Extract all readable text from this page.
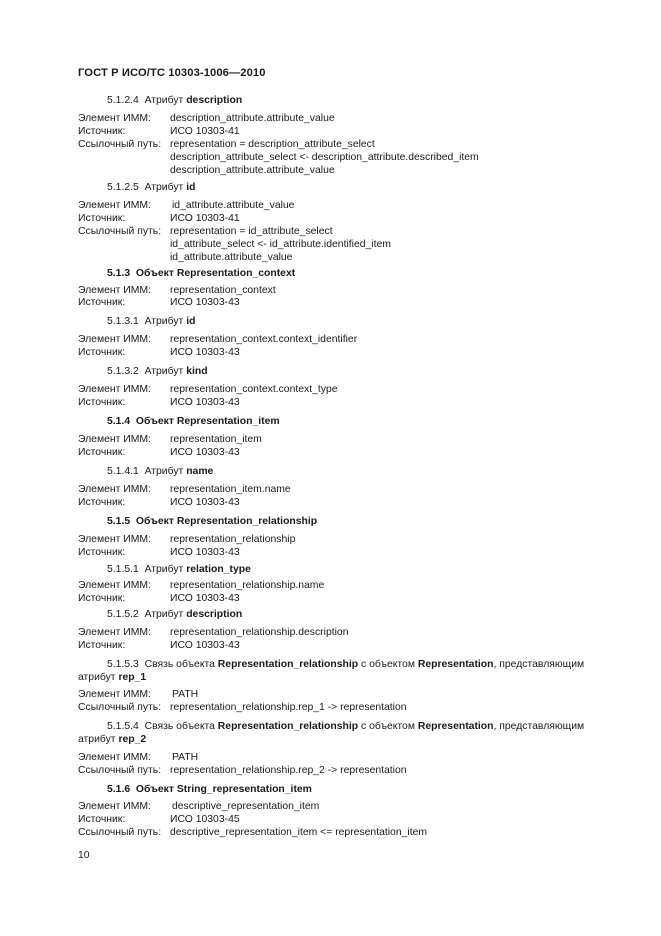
ГОСТ Р ИСО/ТС 10303-1006—2010
5.1.2.4 Атрибут description
Элемент ИММ: description_attribute.attribute_value
Источник:	ИСО 10303-41
Ссылочный путь: representation = description_attribute_select
description_attribute_select <- description_attribute.described_item
description_attribute.attribute_value
5.1.2.5 Атрибут id
Элемент ИММ: id_attribute.attribute_value
Источник:	ИСО 10303-41
Ссылочный путь: representation = id_attribute_select
id_attribute_select <- id_attribute.identified_item
id_attribute.attribute_value
5.1.3 Объект Representation_context
Элемент ИММ: representation_context
Источник:	ИСО 10303-43
5.1.3.1 Атрибут id
Элемент ИММ: representation_context.context_identifier
Источник:	ИСО 10303-43
5.1.3.2 Атрибут kind
Элемент ИММ: representation_context.context_type
Источник:	ИСО 10303-43
5.1.4 Объект Representation_item
Элемент ИММ: representation_item
Источник:	ИСО 10303-43
5.1.4.1 Атрибут name
Элемент ИММ: representation_item.name
Источник:	ИСО 10303-43
5.1.5 Объект Representation_relationship
Элемент ИММ: representation_relationship
Источник:	ИСО 10303-43
5.1.5.1 Атрибут relation_type
Элемент ИММ: representation_relationship.name
Источник:	ИСО 10303-43
5.1.5.2 Атрибут description
Элемент ИММ: representation_relationship.description
Источник:	ИСО 10303-43
5.1.5.3 Связь объекта Representation_relationship с объектом Representation, представляющим
атрибут rep_1
Элемент ИММ: PATH
Ссылочный путь: representation_relationship.rep_1 -> representation
5.1.5.4 Связь объекта Representation_relationship с объектом Representation, представляющим
атрибут rep_2
Элемент ИММ: PATH
Ссылочный путь: representation_relationship.rep_2 -> representation
5.1.6 Объект String_representation_item
Элемент ИММ: descriptive_representation_item
Источник:	ИСО 10303-45
Ссылочный путь: descriptive_representation_item <= representation_item
10
